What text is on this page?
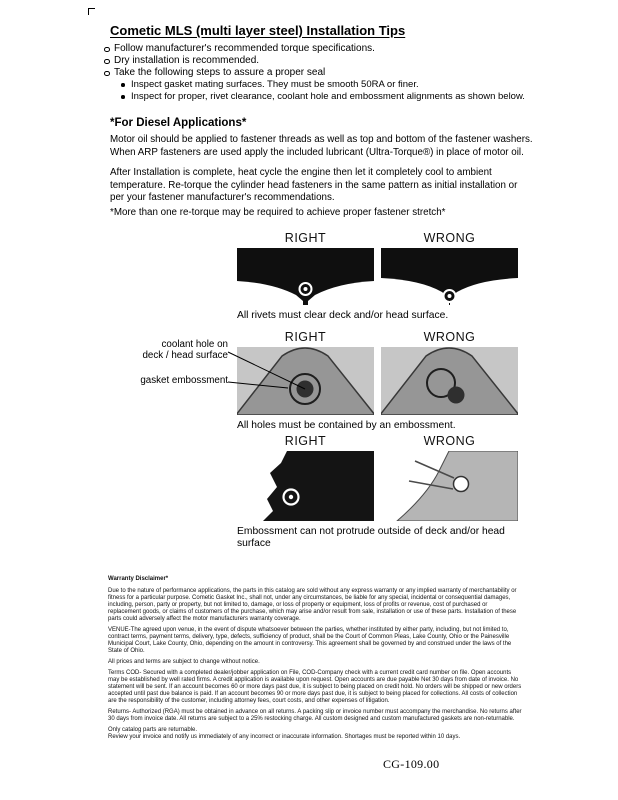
Cometic MLS (multi layer steel) Installation Tips
Follow manufacturer's recommended torque specifications.
Dry installation is recommended.
Take the following steps to assure a proper seal
Inspect gasket mating surfaces. They must be smooth 50RA or finer.
Inspect for proper, rivet clearance, coolant hole and embossment alignments as shown below.
*For Diesel Applications*

Motor oil should be applied to fastener threads as well as top and bottom of the fastener washers. When ARP fasteners are used apply the included lubricant (Ultra-Torque®) in place of motor oil.

After Installation is complete, heat cycle the engine then let it completely cool to ambient temperature. Re-torque the cylinder head fasteners in the same pattern as initial installation or per your fastener manufacturer's recommendations.

*More than one re-torque may be required to achieve proper fastener stretch*

RIGHT	WRONG
All rivets must clear deck and/or head surface.
RIGHT	WRONG
All holes must be contained by an embossment.
coolant hole on
deck / head surface
gasket embossment
RIGHT	WRONG
Embossment can not protrude outside of deck and/or head surface
Warranty Disclaimer*

Due to the nature of performance applications, the parts in this catalog are sold without any express warranty or any implied warranty of merchantability or fitness for a particular purpose. Cometic Gasket Inc., shall not, under any circumstances, be liable for any special, incidental or consequential damages, including, person, party or property, but not limited to, damage, or loss of property or equipment, loss of profits or revenue, cost of purchased or replacement goods, or claims of customers of the purchase, which may arise and/or result from sale, installation or use of these parts. Installation of these parts could adversely affect the motor manufacturers warranty coverage.

VENUE-The agreed upon venue, in the event of dispute whatsoever between the parties, whether instituted by either party, including, but not limited to, contract terms, payment terms, delivery, type, defects, sufficiency of product, shall be the Court of Common Pleas, Lake County, Ohio or the Painesville Municipal Court, Lake County, Ohio, depending on the amount in controversy. This agreement shall be governed by and construed under the laws of the State of Ohio.

All prices and terms are subject to change without notice.

Terms COD- Secured with a completed dealer/jobber application on File, COD-Company check with a current credit card number on file. Open accounts may be established by well rated firms. A credit application is available upon request. Open accounts are due payable Net 30 days from date of invoice. No statement will be sent. If an account becomes 60 or more days past due, it is subject to being placed on credit hold. No orders will be shipped or new orders accepted until past due balance is paid. If an account becomes 90 or more days past due, it is subject to being placed for collections. All costs of collection are the responsibility of the customer, including attorney fees, court costs, and other expenses of litigation.

Returns- Authorized (RGA) must be obtained in advance on all returns. A packing slip or invoice number must accompany the merchandise. No returns after 30 days from invoice date. All returns are subject to a 25% restocking charge. All custom designed and custom manufactured gaskets are non-returnable.

Only catalog parts are returnable.

Review your invoice and notify us immediately of any incorrect or inaccurate information. Shortages must be reported within 10 days.

CG-109.00
